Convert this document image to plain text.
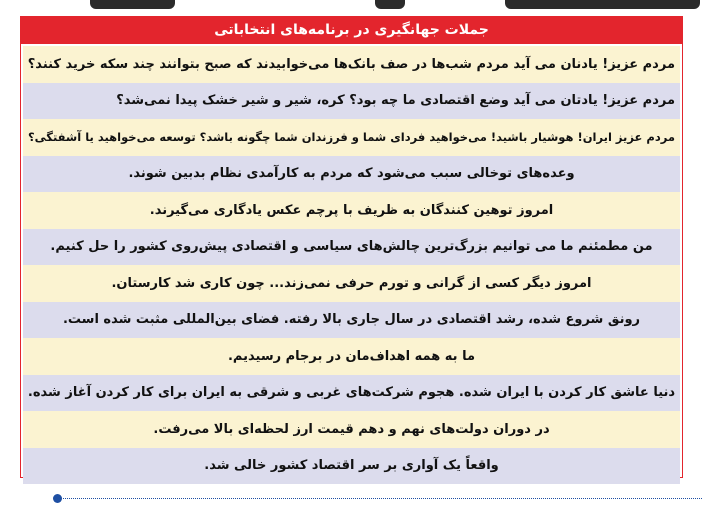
جملات جهانگیری در برنامه‌های انتخاباتی
مردم عزیز! یادنان می آید مردم شب‌ها در صف بانک‌ها می‌خوابیدند که صبح بتوانند چند سکه خرید کنند؟
مردم عزیز! یادتان می آید وضع اقتصادی ما چه بود؟ کره، شیر و شیر خشک پیدا نمی‌شد؟
مردم عزیز ایران! هوشیار باشید! می‌خواهید فردای شما و فرزندان شما چگونه باشد؟ توسعه می‌خواهید یا آشفتگی؟
وعده‌های توخالی سبب می‌شود که مردم به کارآمدی نظام بدبین شوند.
امروز توهین کنندگان به ظریف با پرچم عکس یادگاری می‌گیرند.
من مطمئنم ما می توانیم بزرگ‌ترین چالش‌های سیاسی و اقتصادی پیش‌روی کشور را حل کنیم.
امروز دیگر کسی از گرانی و تورم حرفی نمی‌زند... چون کاری شد کارستان.
رونق شروع شده، رشد اقتصادی در سال جاری بالا رفته. فضای بین‌المللی مثبت شده است.
ما به همه اهداف‌مان در برجام رسیدیم.
دنیا عاشق کار کردن با ایران شده. هجوم شرکت‌های غربی و شرقی به ایران برای کار کردن آغاز شده.
در دوران دولت‌های نهم و دهم قیمت ارز لحظه‌ای بالا می‌رفت.
واقعاً یک آواری بر سر اقتصاد کشور خالی شد.
